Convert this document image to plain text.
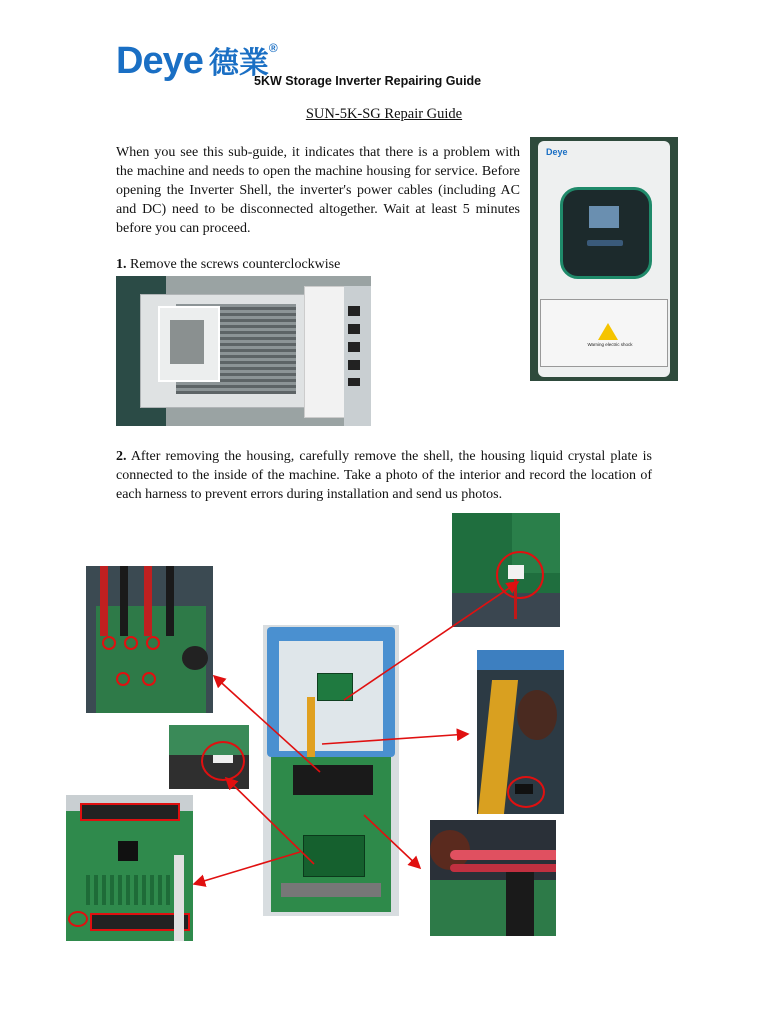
Deye 德業®
5KW Storage Inverter Repairing Guide
SUN-5K-SG Repair Guide
When you see this sub-guide, it indicates that there is a problem with the machine and needs to open the machine housing for service. Before opening the Inverter Shell, the inverter's power cables (including AC and DC) need to be disconnected altogether. Wait at least 5 minutes before you can proceed.
Deye
Warning electric shock
1. Remove the screws counterclockwise
2. After removing the housing, carefully remove the shell, the housing liquid crystal plate is connected to the inside of the machine. Take a photo of the interior and record the location of each harness to prevent errors during installation and send us photos.
